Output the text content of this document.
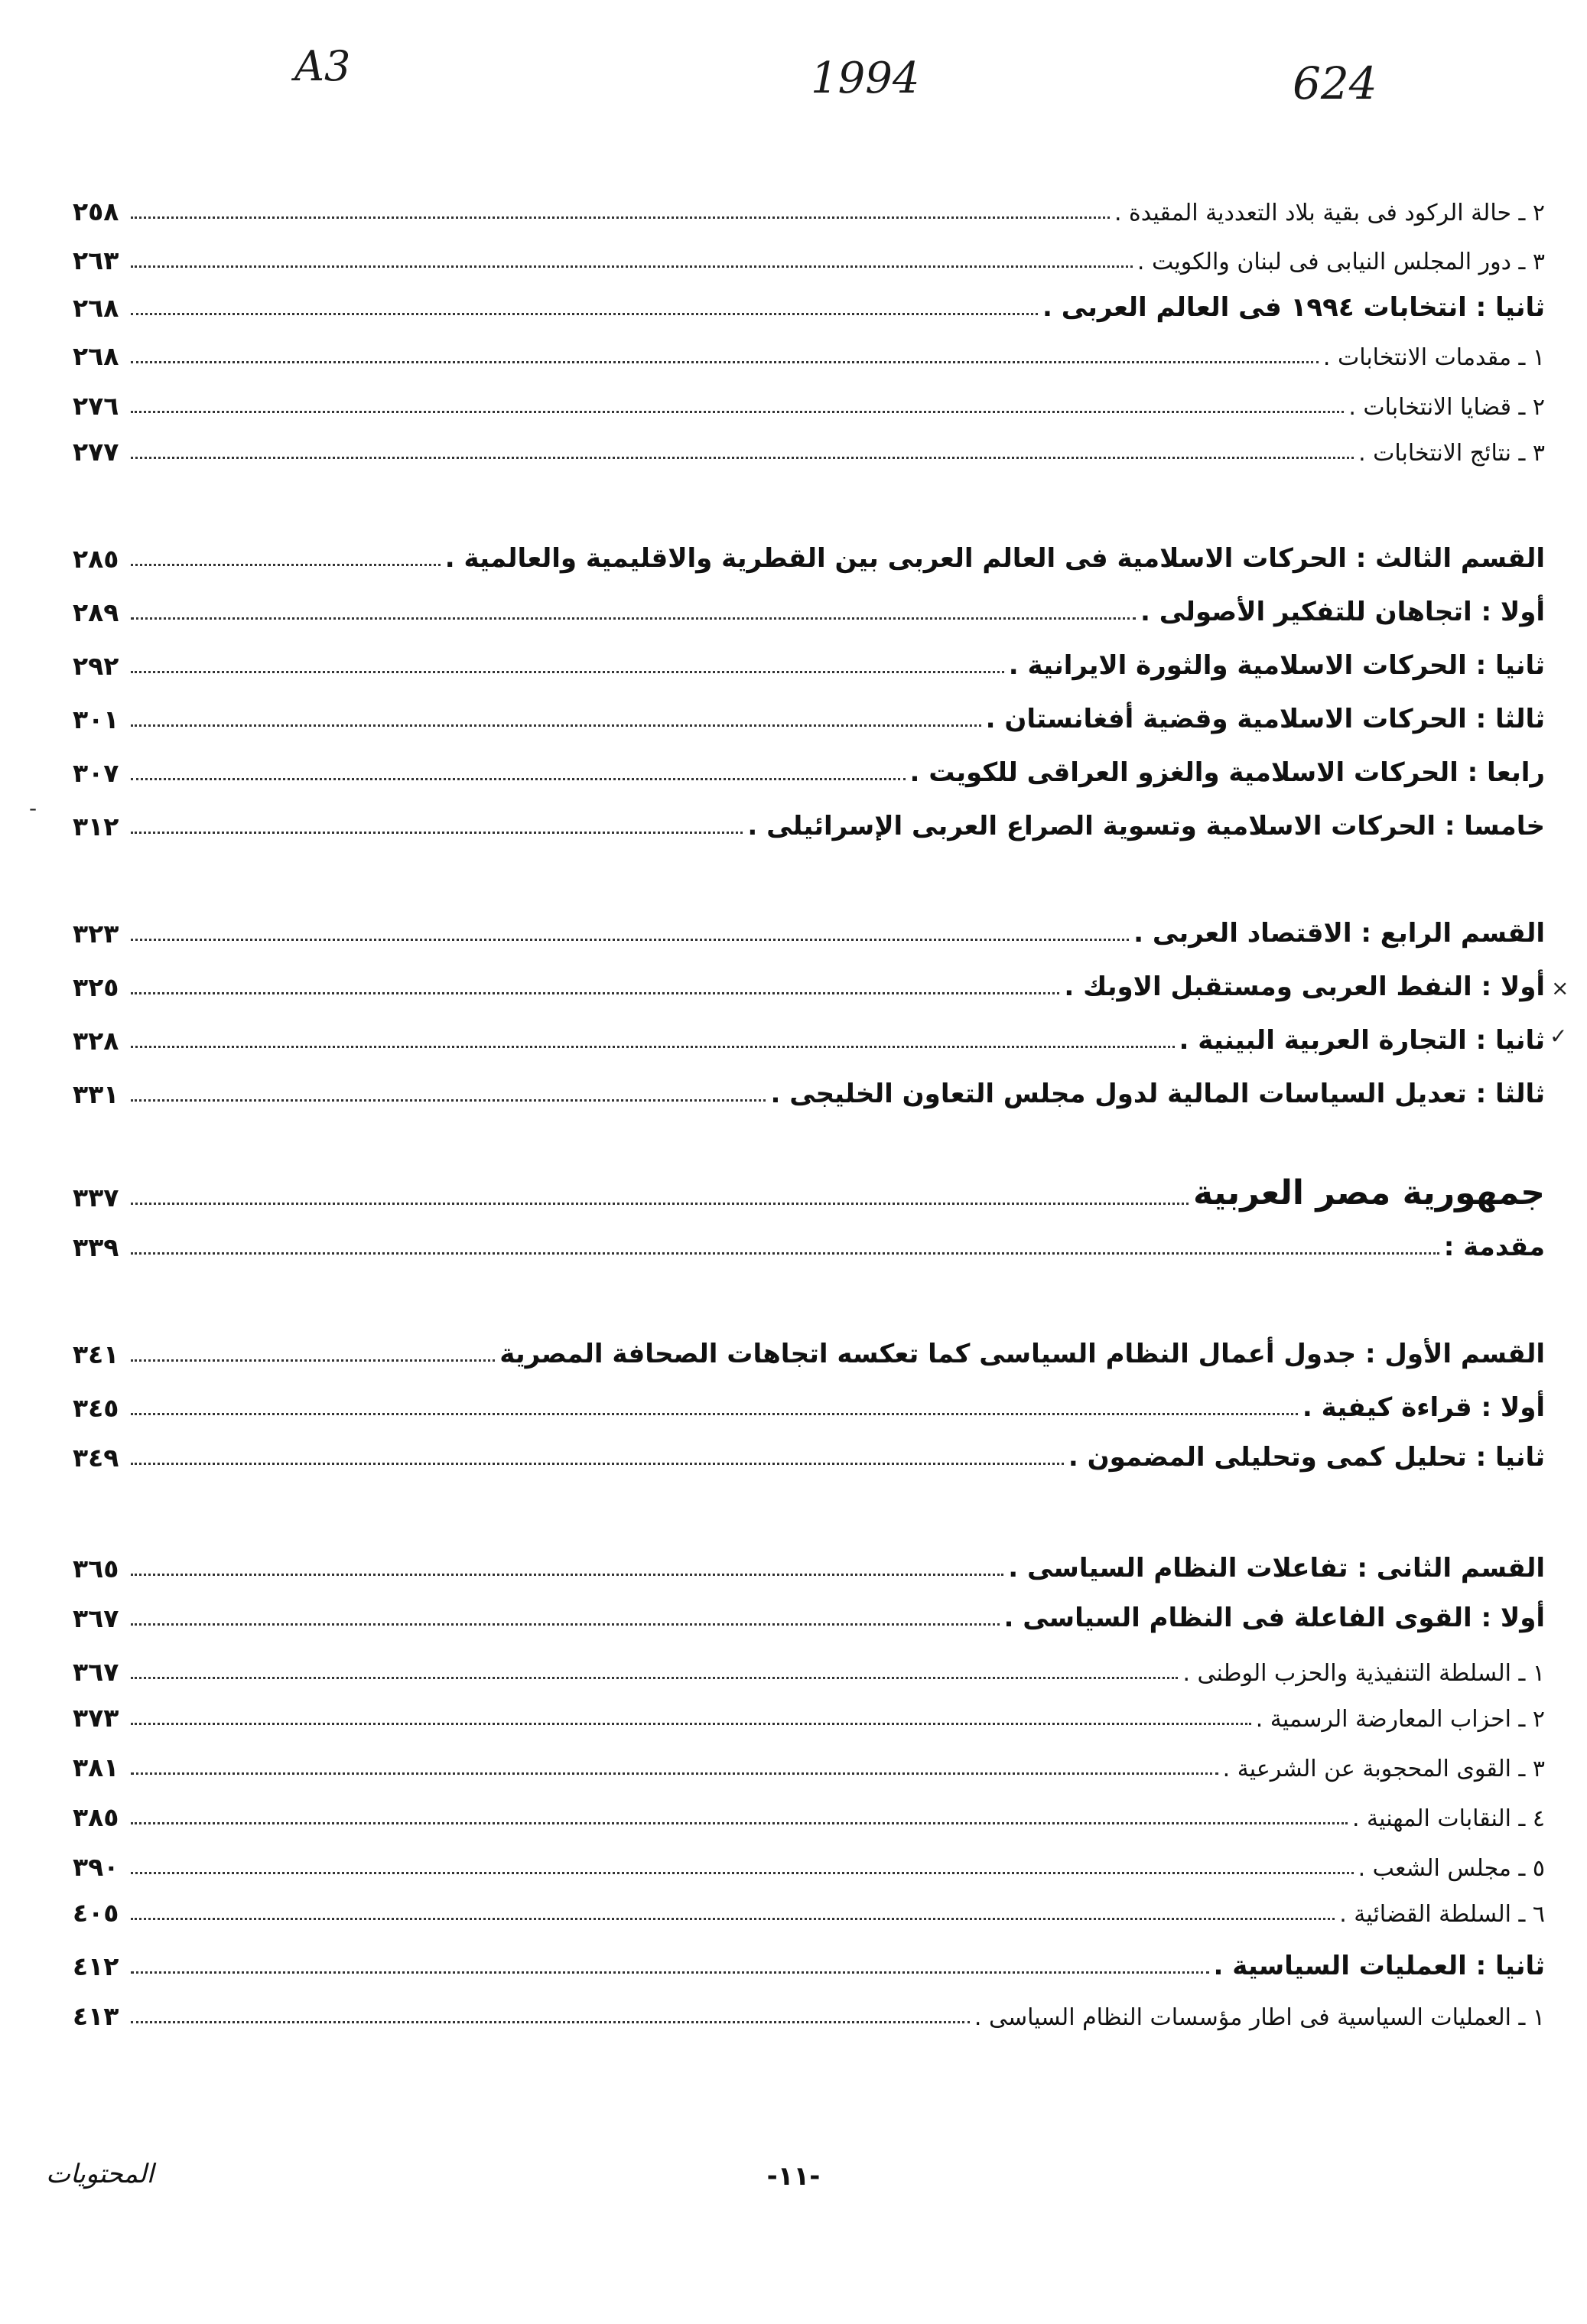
A3	1994	624
٢٥٨	٢ ـ حالة الركود فى بقية بلاد التعددية المقيدة .
٢٦٣	٣ ـ دور المجلس النيابى فى لبنان والكويت .
٢٦٨	ثانيا : انتخابات ١٩٩٤ فى العالم العربى .
٢٦٨	١ ـ مقدمات الانتخابات .
٢٧٦	٢ ـ قضايا الانتخابات .
٢٧٧	٣ ـ نتائج الانتخابات .
٢٨٥	القسم الثالث : الحركات الاسلامية فى العالم العربى بين القطرية والاقليمية والعالمية .
٢٨٩	أولا : اتجاهان للتفكير الأصولى .
٢٩٢	ثانيا : الحركات الاسلامية والثورة الايرانية .
٣٠١	ثالثا : الحركات الاسلامية وقضية أفغانستان .
٣٠٧	رابعا : الحركات الاسلامية والغزو العراقى للكويت .
٣١٢	خامسا : الحركات الاسلامية وتسوية الصراع العربى الإسرائيلى .
٣٢٣	القسم الرابع : الاقتصاد العربى .
٣٢٥	أولا : النفط العربى ومستقبل الاوبك .
٣٢٨	ثانيا : التجارة العربية البينية .
٣٣١	ثالثا : تعديل السياسات المالية لدول مجلس التعاون الخليجى .
٣٣٧	جمهورية مصر العربية
٣٣٩	مقدمة :
٣٤١	القسم الأول : جدول أعمال النظام السياسى كما تعكسه اتجاهات الصحافة المصرية
٣٤٥	أولا : قراءة كيفية .
٣٤٩	ثانيا : تحليل كمى وتحليلى المضمون .
٣٦٥	القسم الثانى : تفاعلات النظام السياسى .
٣٦٧	أولا : القوى الفاعلة فى النظام السياسى .
٣٦٧	١ ـ السلطة التنفيذية والحزب الوطنى .
٣٧٣	٢ ـ احزاب المعارضة الرسمية .
٣٨١	٣ ـ القوى المحجوبة عن الشرعية .
٣٨٥	٤ ـ النقابات المهنية .
٣٩٠	٥ ـ مجلس الشعب .
٤٠٥	٦ ـ السلطة القضائية .
٤١٢	ثانيا : العمليات السياسية .
٤١٣	١ ـ العمليات السياسية فى اطار مؤسسات النظام السياسى .
×
✓
-
المحتويات	-١١-
